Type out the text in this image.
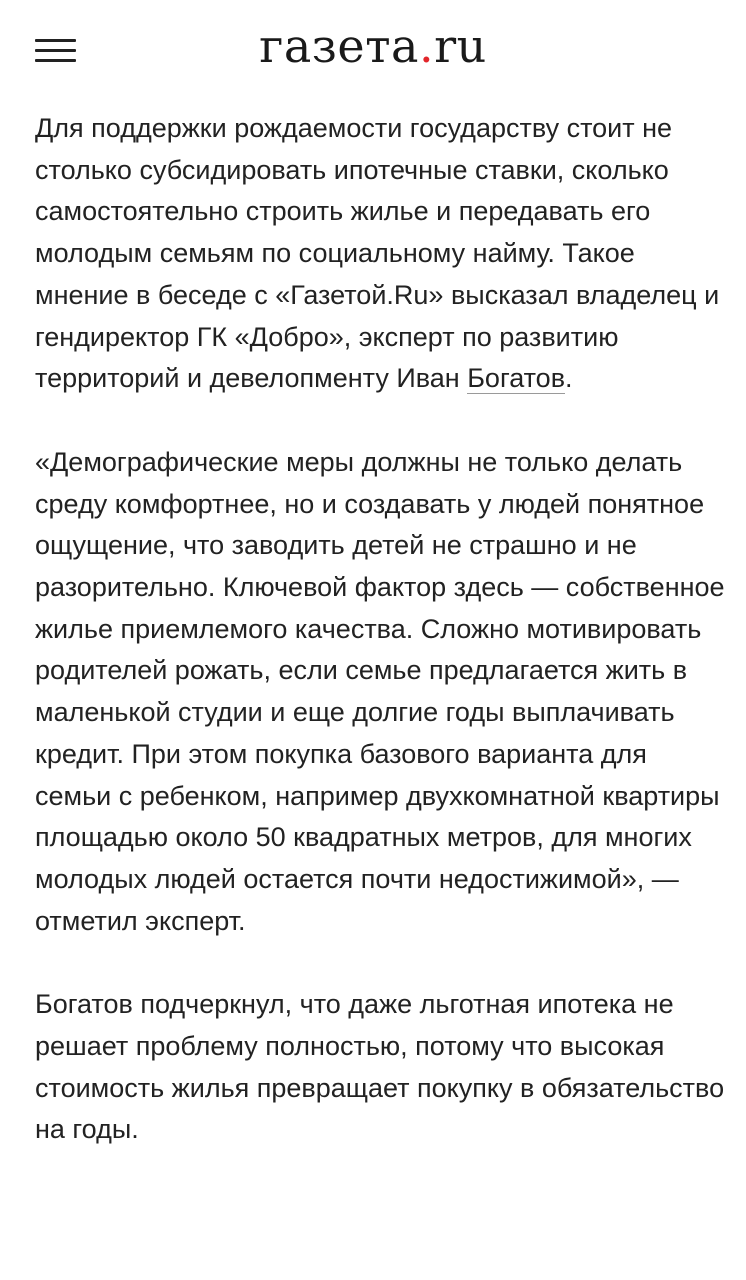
газета.ru

Для поддержки рождаемости государству стоит не столько субсидировать ипотечные ставки, сколько самостоятельно строить жилье и передавать его молодым семьям по социальному найму. Такое мнение в беседе с «Газетой.Ru» высказал владелец и гендиректор ГК «Добро», эксперт по развитию территорий и девелопменту Иван Богатов.

«Демографические меры должны не только делать среду комфортнее, но и создавать у людей понятное ощущение, что заводить детей не страшно и не разорительно. Ключевой фактор здесь — собственное жилье приемлемого качества. Сложно мотивировать родителей рожать, если семье предлагается жить в маленькой студии и еще долгие годы выплачивать кредит. При этом покупка базового варианта для семьи с ребенком, например двухкомнатной квартиры площадью около 50 квадратных метров, для многих молодых людей остается почти недостижимой», — отметил эксперт.

Богатов подчеркнул, что даже льготная ипотека не решает проблему полностью, потому что высокая стоимость жилья превращает покупку в обязательство на годы.
